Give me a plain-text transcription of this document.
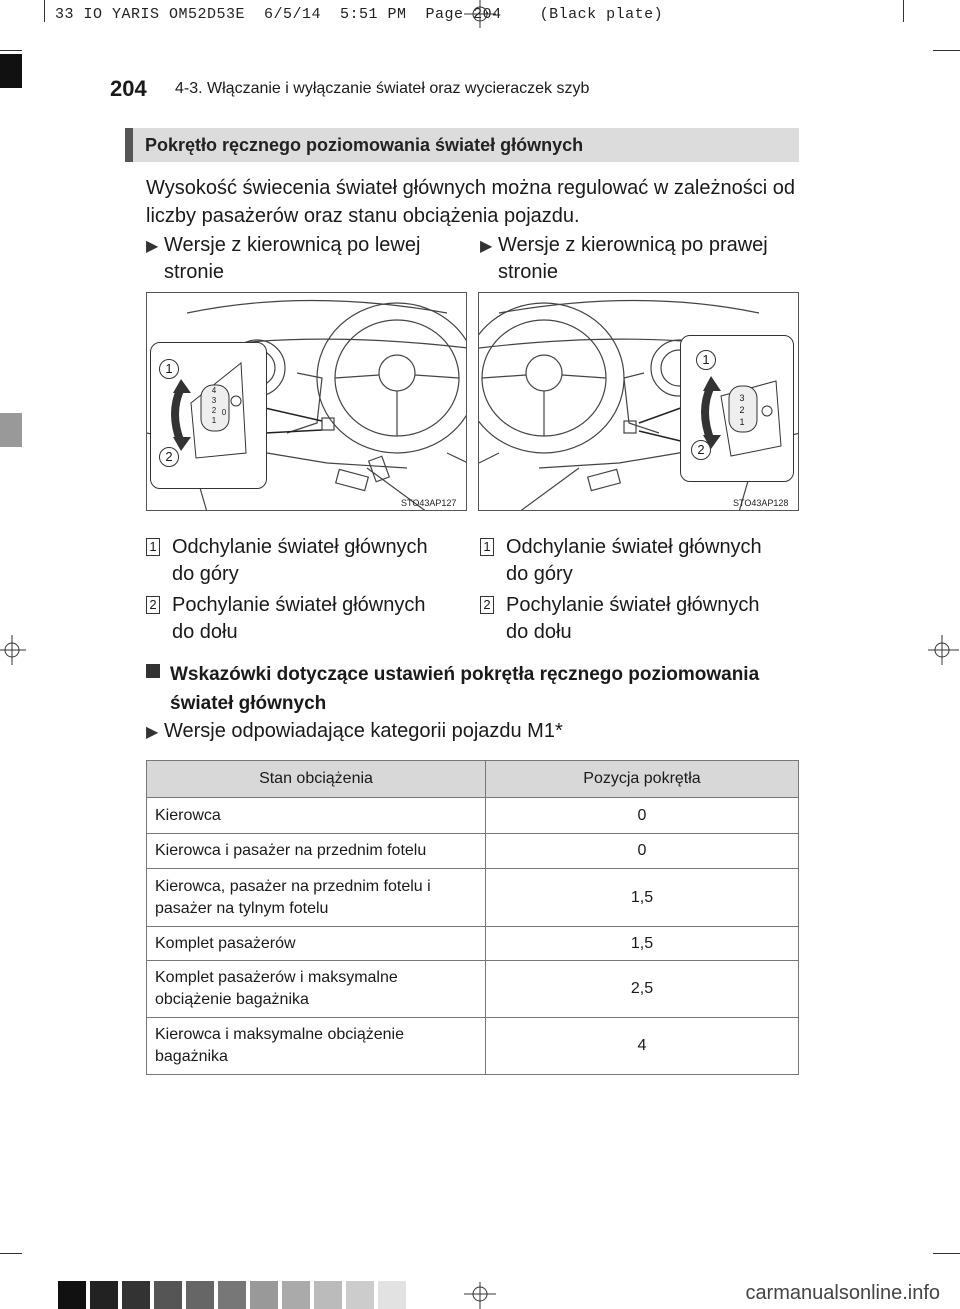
33 IO YARIS OM52D53E  6/5/14  5:51 PM  Page 204    (Black plate)
204 4-3. Włączanie i wyłączanie świateł oraz wycieraczek szyb
Pokrętło ręcznego poziomowania świateł głównych
Wysokość świecenia świateł głównych można regulować w zależności od liczby pasażerów oraz stanu obciążenia pojazdu.
▶ Wersje z kierownicą po lewej stronie
▶ Wersje z kierownicą po prawej stronie
STO43AP127
1
2
4
3
2
1
0
STO43AP128
1
2
3
2
1
1 Odchylanie świateł głównych do góry
2 Pochylanie świateł głównych do dołu
1 Odchylanie świateł głównych do góry
2 Pochylanie świateł głównych do dołu
Wskazówki dotyczące ustawień pokrętła ręcznego poziomowania świateł głównych
▶ Wersje odpowiadające kategorii pojazdu M1*
Stan obciążenia	Pozycja pokrętła
Kierowca	0
Kierowca i pasażer na przednim fotelu	0
Kierowca, pasażer na przednim fotelu i pasażer na tylnym fotelu	1,5
Komplet pasażerów	1,5
Komplet pasażerów i maksymalne obciążenie bagażnika	2,5
Kierowca i maksymalne obciążenie bagażnika	4
carmanualsonline.info
